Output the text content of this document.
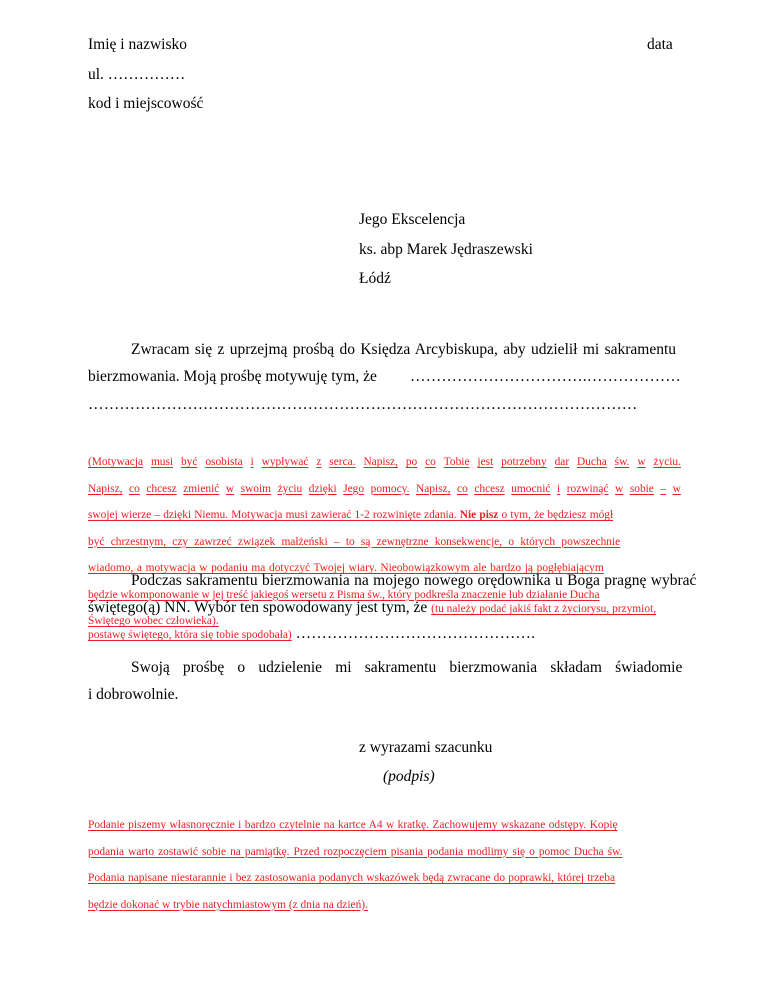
Imię i nazwisko	data
ul. ……………
kod i miejscowość
Jego Ekscelencja
ks. abp Marek Jędraszewski
Łódź
Zwracam się z uprzejmą prośbą do Księdza Arcybiskupa, aby udzielił mi sakramentu
bierzmowania. Moją prośbę motywuję tym, że …………………………….………………
……………………………………………………………………………………………
(Motywacja musi być osobista i wypływać z serca. Napisz, po co Tobie jest potrzebny dar Ducha św. w życiu.
Napisz, co chcesz zmienić w swoim życiu dzięki Jego pomocy. Napisz, co chcesz umocnić i rozwinąć w sobie – w
swojej wierze – dzięki Niemu. Motywacja musi zawierać 1-2 rozwinięte zdania. Nie pisz o tym, że będziesz mógł
być chrzestnym, czy zawrzeć związek małżeński – to są zewnętrzne konsekwencje, o których powszechnie
wiadomo, a motywacja w podaniu ma dotyczyć Twojej wiary. Nieobowiązkowym ale bardzo ją pogłębiającym
będzie wkomponowanie w jej treść jakiegoś wersetu z Pisma św., który podkreśla znaczenie lub działanie Ducha
Świętego wobec człowieka).
Podczas sakramentu bierzmowania na mojego nowego orędownika u Boga pragnę wybrać
świętego(ą) NN. Wybór ten spowodowany jest tym, że (tu należy podać jakiś fakt z życiorysu, przymiot,
postawę świętego, która się tobie spodobała) ……………………………………….
Swoją prośbę o udzielenie mi sakramentu bierzmowania składam świadomie
i dobrowolnie.
z wyrazami szacunku
(podpis)
Podanie piszemy własnoręcznie i bardzo czytelnie na kartce A4 w kratkę. Zachowujemy wskazane odstępy. Kopię
podania warto zostawić sobie na pamiątkę. Przed rozpoczęciem pisania podania modlimy się o pomoc Ducha św.
Podania napisane niestarannie i bez zastosowania podanych wskazówek będą zwracane do poprawki, której trzeba
będzie dokonać w trybie natychmiastowym (z dnia na dzień).
